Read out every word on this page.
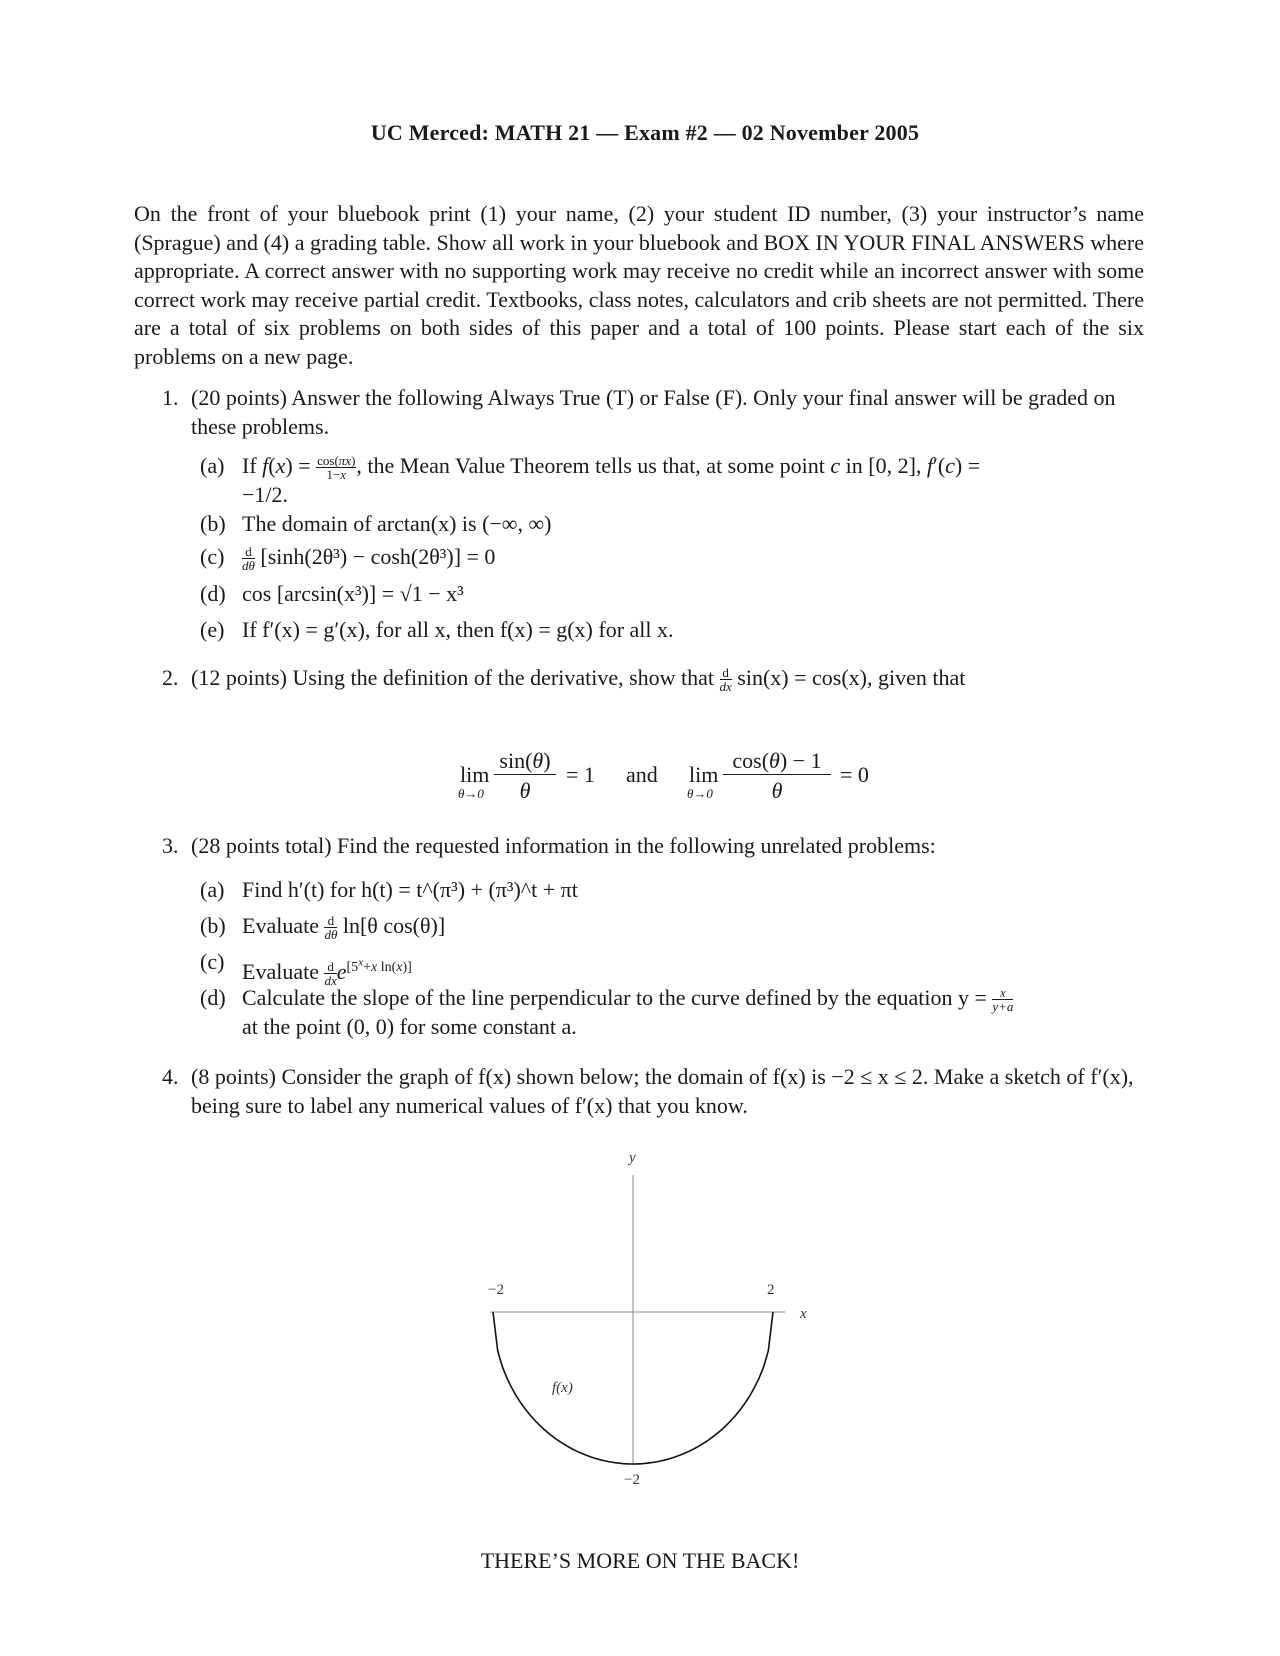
UC Merced: MATH 21 — Exam #2 — 02 November 2005
On the front of your bluebook print (1) your name, (2) your student ID number, (3) your instructor’s name (Sprague) and (4) a grading table. Show all work in your bluebook and BOX IN YOUR FINAL ANSWERS where appropriate. A correct answer with no supporting work may receive no credit while an incorrect answer with some correct work may receive partial credit. Textbooks, class notes, calculators and crib sheets are not permitted. There are a total of six problems on both sides of this paper and a total of 100 points. Please start each of the six problems on a new page.
1. (20 points) Answer the following Always True (T) or False (F). Only your final answer will be graded on these problems.
(a) If $f(x) = \frac{\cos(\pi x)}{1-x}$ , the Mean Value Theorem tells us that, at some point c in [0, 2], f′(c) =
−1/2.
(b) The domain of arctan(x) is (−∞, ∞)
$(c) \frac{d}{d\theta} [\sinh(2\theta^3) - \cosh(2\theta^3)] = 0$
(d) cos [arcsin(x³)] = √1 − x³
(e) If f′(x) = g′(x), for all x, then f(x) = g(x) for all x.
2. (12 points) Using the definition of the derivative, show that $\frac{d}{dx} \sin(x) = \cos(x)$, given that
lim
θ→0
sin(θ)
θ
= 1 and lim
θ→0
cos(θ) − 1
θ
= 0
3. (28 points total) Find the requested information in the following unrelated problems:
(a) Find h′(t) for h(t) = t^(π³) + (π³)^t + πt
(b) Evaluate $\frac{d}{d\theta} \ln[\theta$ cos(θ)]
(c) Evaluate $\frac{d}{dx} e[5x+x \ln(x)]$
(d) Calculate the slope of the line perpendicular to the curve defined by the equation $y = \frac{x}{y+a}$

at the point (0, 0) for some constant a.
4. (8 points) Consider the graph of f(x) shown below; the domain of f(x) is −2 ≤ x ≤ 2. Make a sketch of f′(x), being sure to label any numerical values of f′(x) that you know.
x
y
−2	2
−2
f(x)
THERE’S MORE ON THE BACK!
